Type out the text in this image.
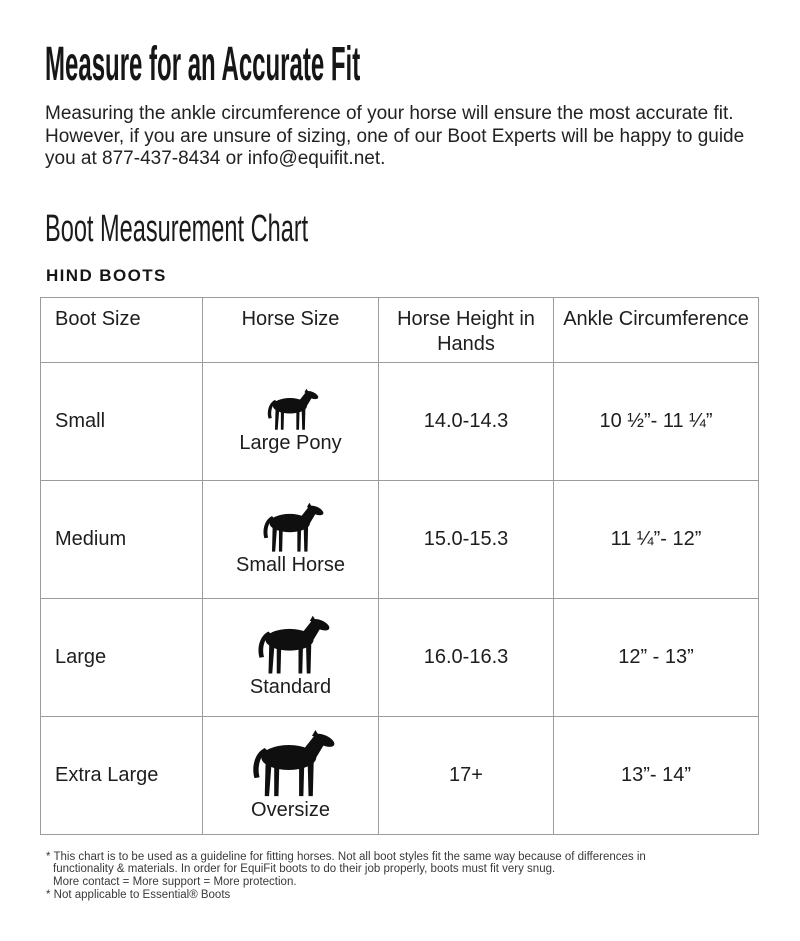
Measure for an Accurate Fit

Measuring the ankle circumference of your horse will ensure the most accurate fit. However, if you are unsure of sizing, one of our Boot Experts will be happy to guide you at 877-437-8434 or info@equifit.net.

Boot Measurement Chart
HIND BOOTS
Boot Size	Horse Size	Horse Height in Hands	Ankle Circumference
Small	Large Pony	14.0-14.3	10 ½”- 11 ¼”
Medium	Small Horse	15.0-15.3	11 ¼”- 12”
Large	Standard	16.0-16.3	12” - 13”
Extra Large	Oversize	17+	13”- 14”
* This chart is to be used as a guideline for fitting horses. Not all boot styles fit the same way because of differences in
functionality & materials. In order for EquiFit boots to do their job properly, boots must fit very snug.
More contact = More support = More protection.
* Not applicable to Essential® Boots
